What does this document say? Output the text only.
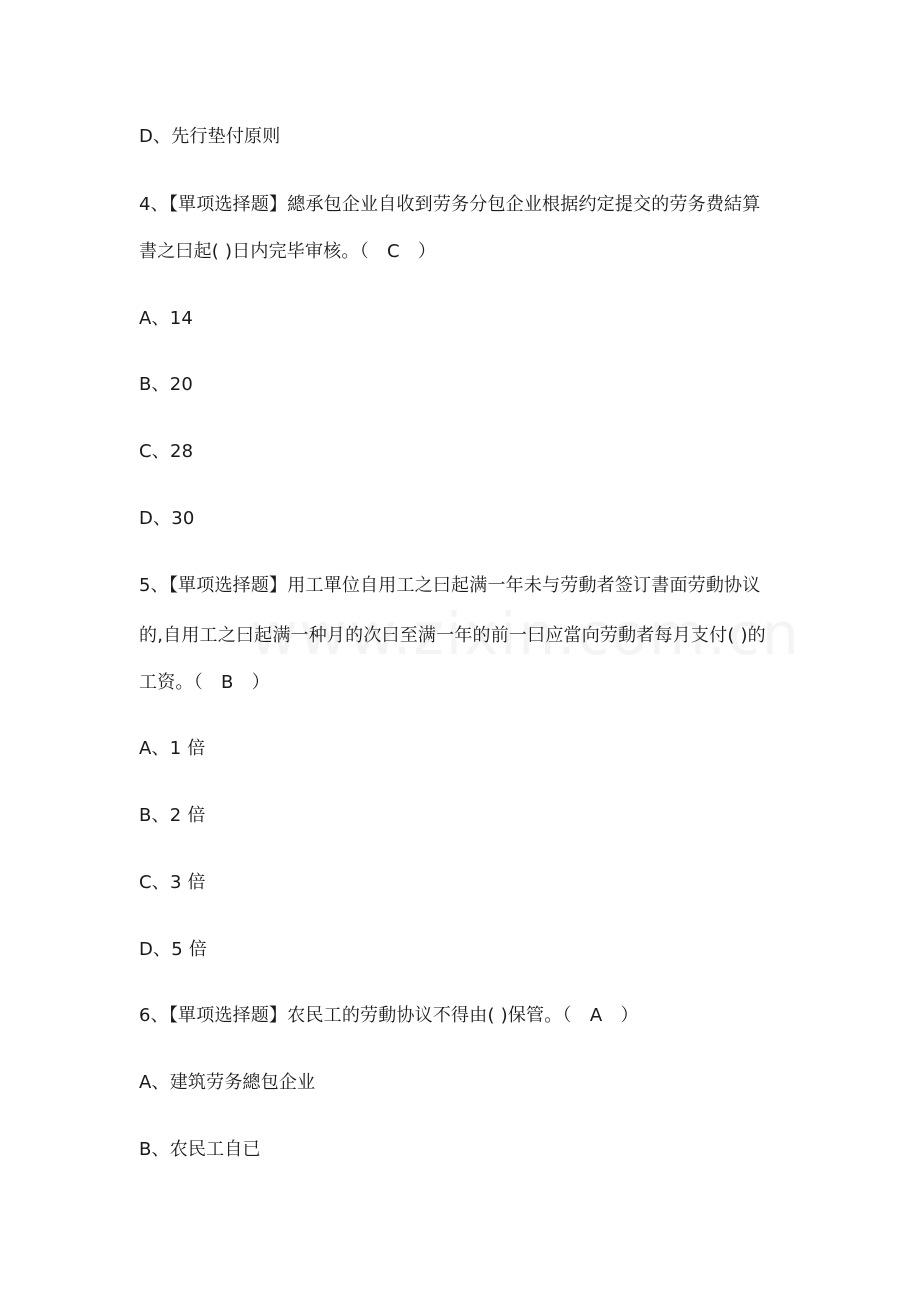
D、先行垫付原则
4、【單项选择题】總承包企业自收到劳务分包企业根据约定提交的劳务费結算
書之曰起( )日内完毕审核。（　C　）
A、14
B、20
C、28
D、30
5、【單项选择题】用工單位自用工之曰起满一年未与劳動者签订書面劳動协议
的,自用工之曰起满一种月的次曰至满一年的前一曰应當向劳動者每月支付( )的
工资。（　B　）
A、1 倍
B、2 倍
C、3 倍
D、5 倍
6、【單项选择题】农民工的劳動协议不得由( )保管。（　A　）
A、建筑劳务總包企业
B、农民工自已
